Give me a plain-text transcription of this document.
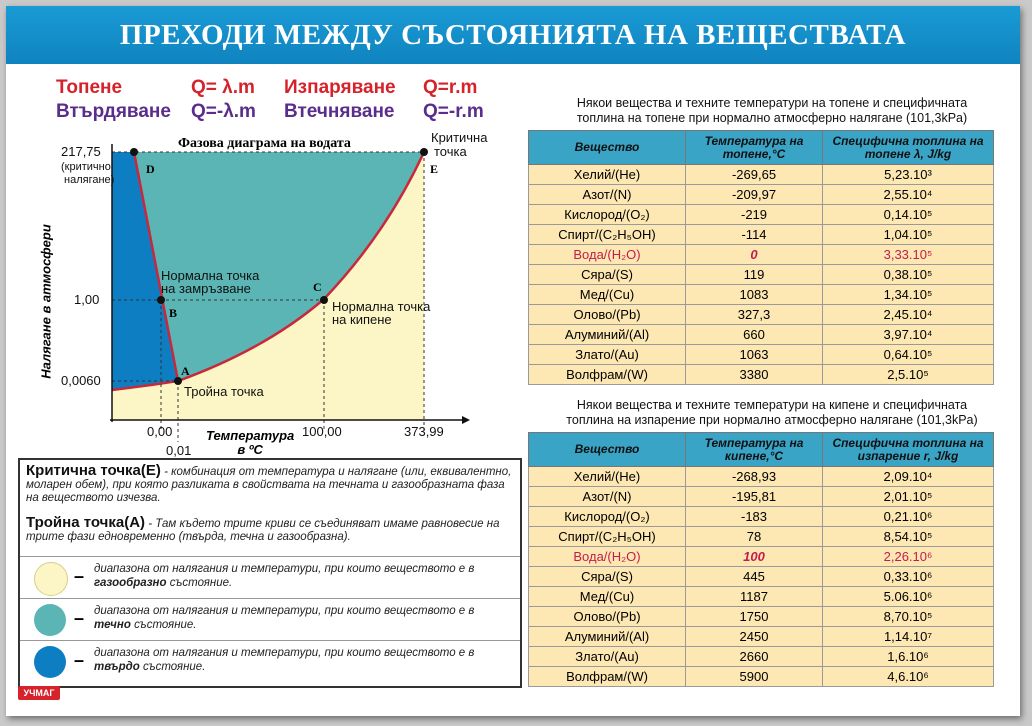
ПРЕХОДИ МЕЖДУ СЪСТОЯНИЯТА НА ВЕЩЕСТВАТА
Топене	Q= λ.m Изпаряване Q=r.m
Втърдяване Q=-λ.m Втечняване Q=-r.m
Фазова диаграма на водата
Налягане в атмосфери
Температура
в ºC
217,75
(критично
налягане)
1,00
0,0060
0,00
0,01
100,00	373,99
Критична
точка
Нормална точка
на замръзване
Нормална точка
на кипене
Тройна точка
D	E
C
B
A
Критична точка(E) - комбинация от температура и налягане (или, еквивалентно, моларен обем), при която разликата в свойствата на течната и газообразната фаза на веществото изчезва.
Тройна точка(A) - Там където трите криви се съединяват имаме равновесие на трите фази едновременно (твърда, течна и газообразна).
– диапазона от налягания и температури, при които веществото е в
газообразно състояние.
– диапазона от налягания и температури, при които веществото е в
течно състояние.
– диапазона от налягания и температури, при които веществото е в
твърдо състояние.
УЧМАГ
Някои вещества и техните температури на топене и специфичната
топлина на топене при нормално атмосферно налягане (101,3kPa)
Вещество	Температура на топене,°C	Специфична топлина на топене λ, J/kg
Хелий/(He)	-269,65	5,23.10³
Азот/(N)	-209,97	2,55.10⁴
Кислород/(O₂)	-219	0,14.10⁵
Спирт/(C₂H₅OH)	-114	1,04.10⁵
Вода/(H₂O)	0	3,33.10⁵
Сяра/(S)	119	0,38.10⁵
Мед/(Cu)	1083	1,34.10⁵
Олово/(Pb)	327,3	2,45.10⁴
Алуминий/(Al)	660	3,97.10⁴
Злато/(Au)	1063	0,64.10⁵
Волфрам/(W)	3380	2,5.10⁵
Някои вещества и техните температури на кипене и специфичната
топлина на изпарение при нормално атмосферно налягане (101,3kPa)
Вещество	Температура на кипене,°C	Специфична топлина на изпарение r, J/kg
Хелий/(He)	-268,93	2,09.10⁴
Азот/(N)	-195,81	2,01.10⁵
Кислород/(O₂)	-183	0,21.10⁶
Спирт/(C₂H₅OH)	78	8,54.10⁵
Вода/(H₂O)	100	2,26.10⁶
Сяра/(S)	445	0,33.10⁶
Мед/(Cu)	1187	5.06.10⁶
Олово/(Pb)	1750	8,70.10⁵
Алуминий/(Al)	2450	1,14.10⁷
Злато/(Au)	2660	1,6.10⁶
Волфрам/(W)	5900	4,6.10⁶
